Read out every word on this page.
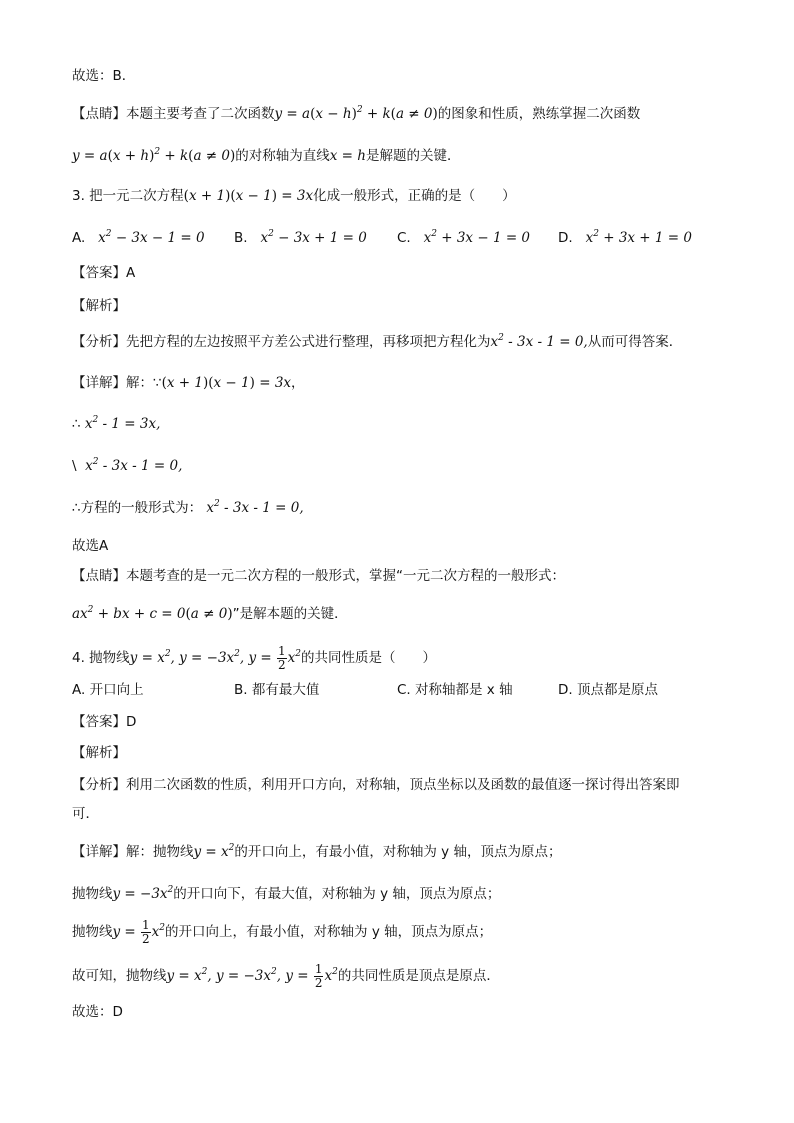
故选：B．
【点睛】本题主要考查了二次函数$y = a(x - h)^2 + k(a \ne 0)$的图象和性质，熟练掌握二次函数
$y = a(x + h)^2 + k(a \ne 0)$的对称轴为直线x = h是解题的关键．
3. 把一元二次方程(x + 1)(x − 1) = 3x化成一般形式，正确的是（　　）
A. $x^2 - 3x - 1 = 0$ B. $x^2 - 3x + 1 = 0$ C. $x^2 + 3x - 1 = 0$ D. $x^2 + 3x + 1 = 0$
【答案】A
【解析】
【分析】先把方程的左边按照平方差公式进行整理，再移项把方程化为$x^2 - 3x - 1 = 0$,从而可得答案．
【详解】解：∵(x + 1)(x − 1) = 3x，
∴ $x^2 - 1 = 3x$,
\ $x^2 - 3x - 1 = 0$,
∴方程的一般形式为： $x^2 - 3x - 1 = 0$,
故选A
【点睛】本题考查的是一元二次方程的一般形式，掌握“一元二次方程的一般形式：
$ax^2$ + bx + c = 0(a ≠ 0)”是解本题的关键．
4. 抛物线$y = x^2$, $y = -3x^2$, $y = \frac{1}{2} x^2$的共同性质是（　　）
A. 开口向上	B. 都有最大值	C. 对称轴都是 x 轴	D. 顶点都是原点
【答案】D
【解析】
【分析】利用二次函数的性质，利用开口方向，对称轴，顶点坐标以及函数的最值逐一探讨得出答案即
可．
【详解】解：抛物线$y = x^2$的开口向上，有最小值，对称轴为 y 轴，顶点为原点；
抛物线$y = -3x^2$的开口向下，有最大值，对称轴为 y 轴，顶点为原点；
抛物线$y = \frac{1}{2} x^2$的开口向上，有最小值，对称轴为 y 轴，顶点为原点；
故可知，抛物线$y = x^2$, $y = -3x^2$, $y = \frac{1}{2} x^2$的共同性质是顶点是原点．
故选：D
